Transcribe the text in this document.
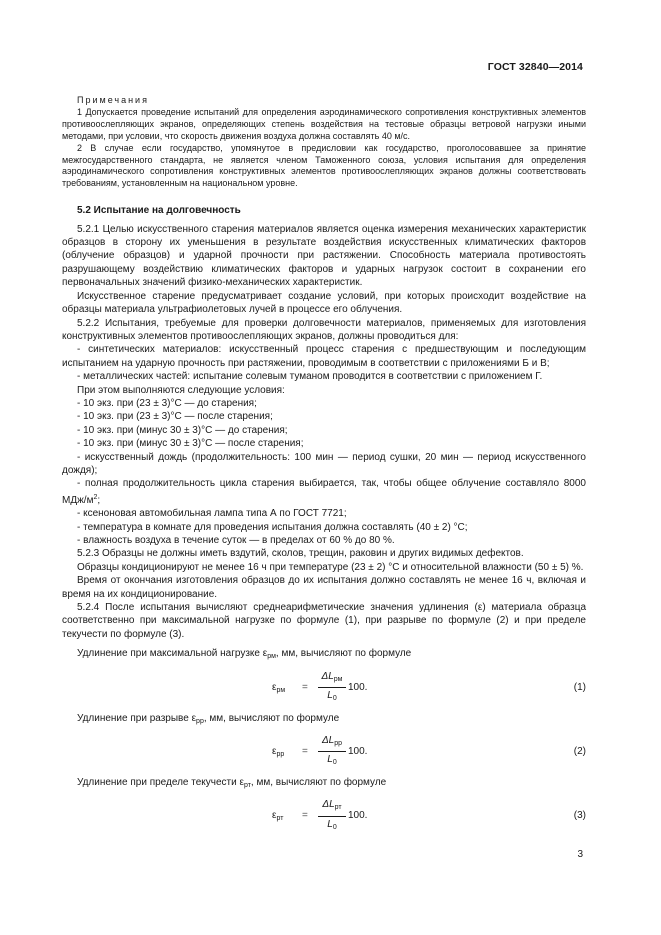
ГОСТ 32840—2014

Примечания

1 Допускается проведение испытаний для определения аэродинамического сопротивления конструктивных элементов противоослепляющих экранов, определяющих степень воздействия на тестовые образцы ветровой нагрузки иными методами, при условии, что скорость движения воздуха должна составлять 40 м/с.

2 В случае если государство, упомянутое в предисловии как государство, проголосовавшее за принятие межгосударственного стандарта, не является членом Таможенного союза, условия испытания для определения аэродинамического сопротивления конструктивных элементов противоослепляющих экранов должны соответствовать требованиям, установленным на национальном уровне.

5.2 Испытание на долговечность

5.2.1 Целью искусственного старения материалов является оценка измерения механических характеристик образцов в сторону их уменьшения в результате воздействия искусственных климатических факторов (облучение образцов) и ударной прочности при растяжении. Способность материала противостоять разрушающему воздействию климатических факторов и ударных нагрузок состоит в сохранении его первоначальных значений физико-механических характеристик.

Искусственное старение предусматривает создание условий, при которых происходит воздействие на образцы материала ультрафиолетовых лучей в процессе его облучения.

5.2.2 Испытания, требуемые для проверки долговечности материалов, применяемых для изготовления конструктивных элементов противоослепляющих экранов, должны проводиться для:

- синтетических материалов: искусственный процесс старения с предшествующим и последующим испытанием на ударную прочность при растяжении, проводимым в соответствии с приложениями Б и В;

- металлических частей: испытание солевым туманом проводится в соответствии с приложением Г.

При этом выполняются следующие условия:

- 10 экз. при (23 ± 3)°С — до старения;

- 10 экз. при (23 ± 3)°С — после старения;

- 10 экз. при (минус 30 ± 3)°С — до старения;

- 10 экз. при (минус 30 ± 3)°С — после старения;

- искусственный дождь (продолжительность: 100 мин — период сушки, 20 мин — период искусственного дождя);

- полная продолжительность цикла старения выбирается, так, чтобы общее облучение составляло 8000 МДж/$м^2$;

- ксеноновая автомобильная лампа типа А по ГОСТ 7721;

- температура в комнате для проведения испытания должна составлять (40 ± 2) °С;

- влажность воздуха в течение суток — в пределах от 60 % до 80 %.

5.2.3 Образцы не должны иметь вздутий, сколов, трещин, раковин и других видимых дефектов.

Образцы кондиционируют не менее 16 ч при температуре (23 ± 2) °С и относительной влажности (50 ± 5) %.

Время от окончания изготовления образцов до их испытания должно составлять не менее 16 ч, включая и время на их кондиционирование.

5.2.4 После испытания вычисляют среднеарифметические значения удлинения (ε) материала образца соответственно при максимальной нагрузке по формуле (1), при разрыве по формуле (2) и при пределе текучести по формуле (3).

Удлинение при максимальной нагрузке $\varepsilon_{рм}$, мм, вычисляют по формуле

$\varepsilon_{рм}$ =
$\Delta L_{рм}$
$L_0$
100.	(1)

Удлинение при разрыве $\varepsilon_{рр}$, мм, вычисляют по формуле

$\varepsilon_{рр}$ =
$\Delta L_{рр}$
$L_0$
100.	(2)

Удлинение при пределе текучести $\varepsilon_{рт}$, мм, вычисляют по формуле

$\varepsilon_{рт}$ =
$\Delta L_{рт}$
$L_0$
100.	(3)
3
